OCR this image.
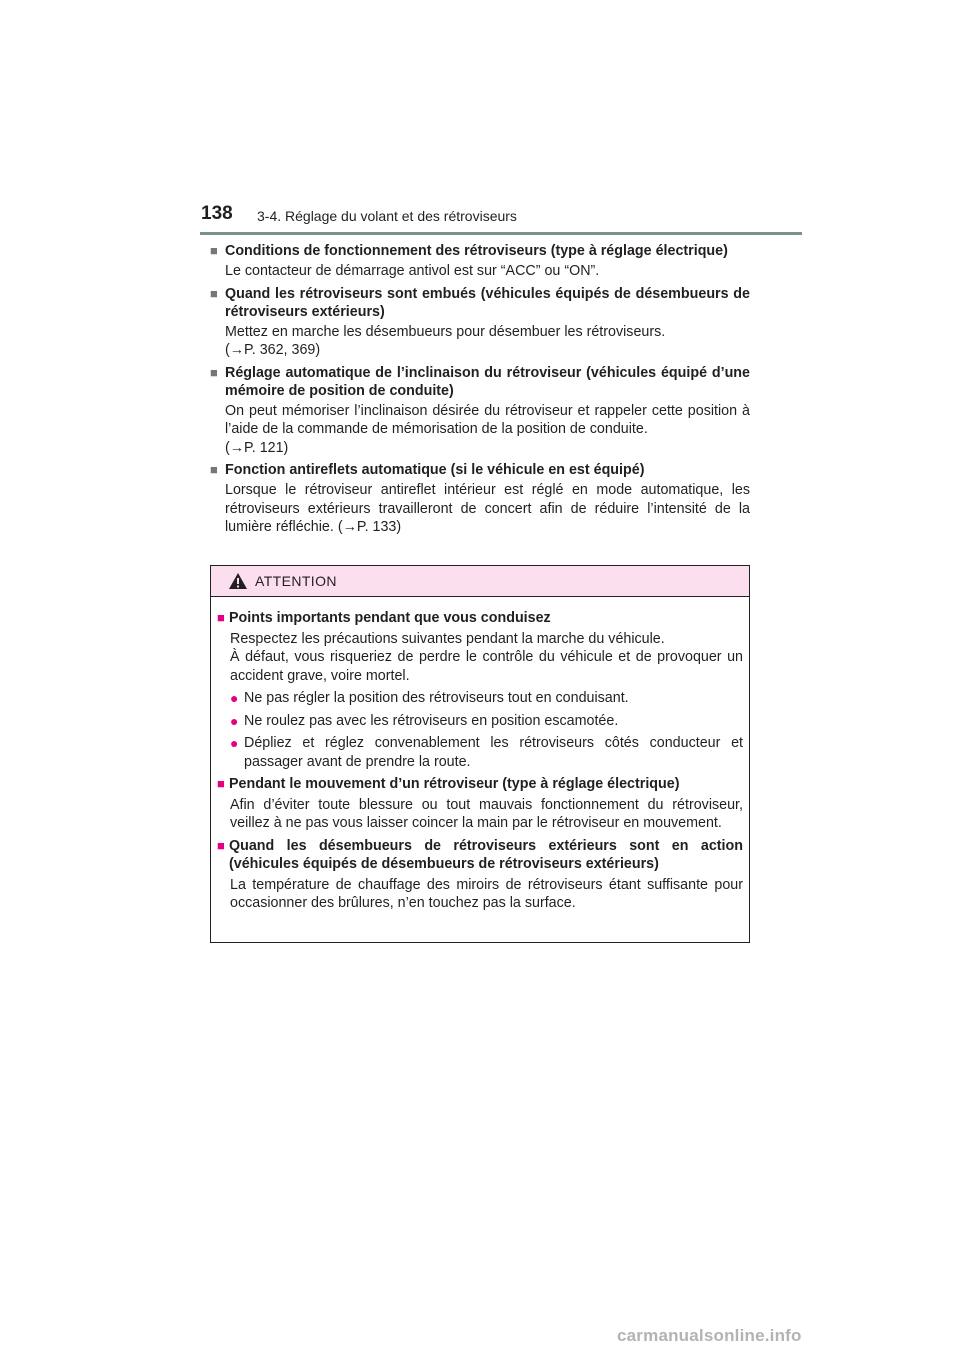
138 3-4. Réglage du volant et des rétroviseurs
■ Conditions de fonctionnement des rétroviseurs (type à réglage électrique)

Le contacteur de démarrage antivol est sur “ACC” ou “ON”.

■ Quand les rétroviseurs sont embués (véhicules équipés de désembueurs de rétroviseurs extérieurs)

Mettez en marche les désembueurs pour désembuer les rétroviseurs.

(→P. 362, 369)

■ Réglage automatique de l’inclinaison du rétroviseur (véhicules équipé d’une mémoire de position de conduite)

On peut mémoriser l’inclinaison désirée du rétroviseur et rappeler cette position à l’aide de la commande de mémorisation de la position de conduite.

(→P. 121)

■ Fonction antireflets automatique (si le véhicule en est équipé)

Lorsque le rétroviseur antireflet intérieur est réglé en mode automatique, les rétroviseurs extérieurs travailleront de concert afin de réduire l’intensité de la lumière réfléchie. (→P. 133)

ATTENTION
■ Points importants pendant que vous conduisez
Respectez les précautions suivantes pendant la marche du véhicule.
À défaut, vous risqueriez de perdre le contrôle du véhicule et de provoquer un accident grave, voire mortel.
● Ne pas régler la position des rétroviseurs tout en conduisant.
● Ne roulez pas avec les rétroviseurs en position escamotée.
● Dépliez et réglez convenablement les rétroviseurs côtés conducteur et passager avant de prendre la route.
■ Pendant le mouvement d’un rétroviseur (type à réglage électrique)
Afin d’éviter toute blessure ou tout mauvais fonctionnement du rétroviseur, veillez à ne pas vous laisser coincer la main par le rétroviseur en mouvement.
■ Quand les désembueurs de rétroviseurs extérieurs sont en action (véhicules équipés de désembueurs de rétroviseurs extérieurs)
La température de chauffage des miroirs de rétroviseurs étant suffisante pour occasionner des brûlures, n’en touchez pas la surface.
carmanualsonline.info
